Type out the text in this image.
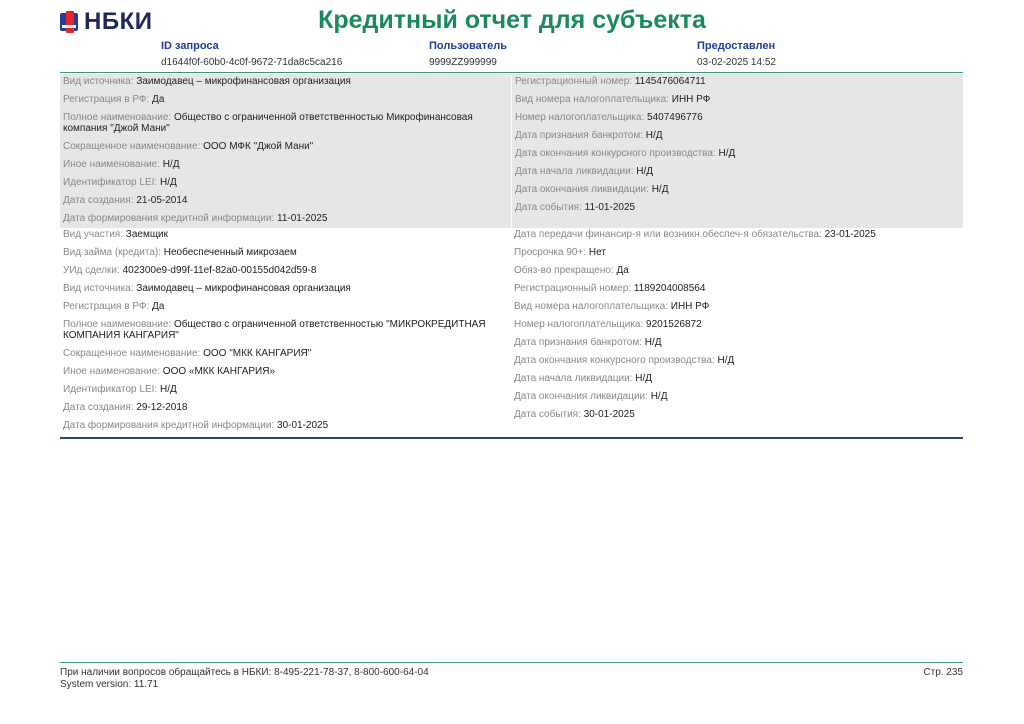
НБКИ	Кредитный отчет для субъекта
ID запроса
d1644f0f-60b0-4c0f-9672-71da8c5ca216
Пользователь
9999ZZ999999
Предоставлен
03-02-2025 14:52
Вид источника: Заимодавец – микрофинансовая организация
Регистрация в РФ: Да
Полное наименование: Общество с ограниченной ответственностью Микрофинансовая компания "Джой Мани"
Сокращенное наименование: ООО МФК "Джой Мани"
Иное наименование: Н/Д
Идентификатор LEI: Н/Д
Дата создания: 21-05-2014
Дата формирования кредитной информации: 11-01-2025
Регистрационный номер: 1145476064711
Вид номера налогоплательщика: ИНН РФ
Номер налогоплательщика: 5407496776
Дата признания банкротом: Н/Д
Дата окончания конкурсного производства: Н/Д
Дата начала ликвидации: Н/Д
Дата окончания ликвидации: Н/Д
Дата события: 11-01-2025
Вид участия: Заемщик
Вид займа (кредита): Необеспеченный микрозаем
УИд сделки: 402300e9-d99f-11ef-82a0-00155d042d59-8
Вид источника: Заимодавец – микрофинансовая организация
Регистрация в РФ: Да
Полное наименование: Общество с ограниченной ответственностью "МИКРОКРЕДИТНАЯ КОМПАНИЯ КАНГАРИЯ"
Сокращенное наименование: ООО "МКК КАНГАРИЯ"
Иное наименование: ООО «МКК КАНГАРИЯ»
Идентификатор LEI: Н/Д
Дата создания: 29-12-2018
Дата формирования кредитной информации: 30-01-2025
Дата передачи финансир-я или возникн.обеспеч-я обязательства: 23-01-2025
Просрочка 90+: Нет
Обяз-во прекращено: Да
Регистрационный номер: 1189204008564
Вид номера налогоплательщика: ИНН РФ
Номер налогоплательщика: 9201526872
Дата признания банкротом: Н/Д
Дата окончания конкурсного производства: Н/Д
Дата начала ликвидации: Н/Д
Дата окончания ликвидации: Н/Д
Дата события: 30-01-2025
При наличии вопросов обращайтесь в НБКИ: 8-495-221-78-37, 8-800-600-64-04
System version: 11.71
Стр. 235
